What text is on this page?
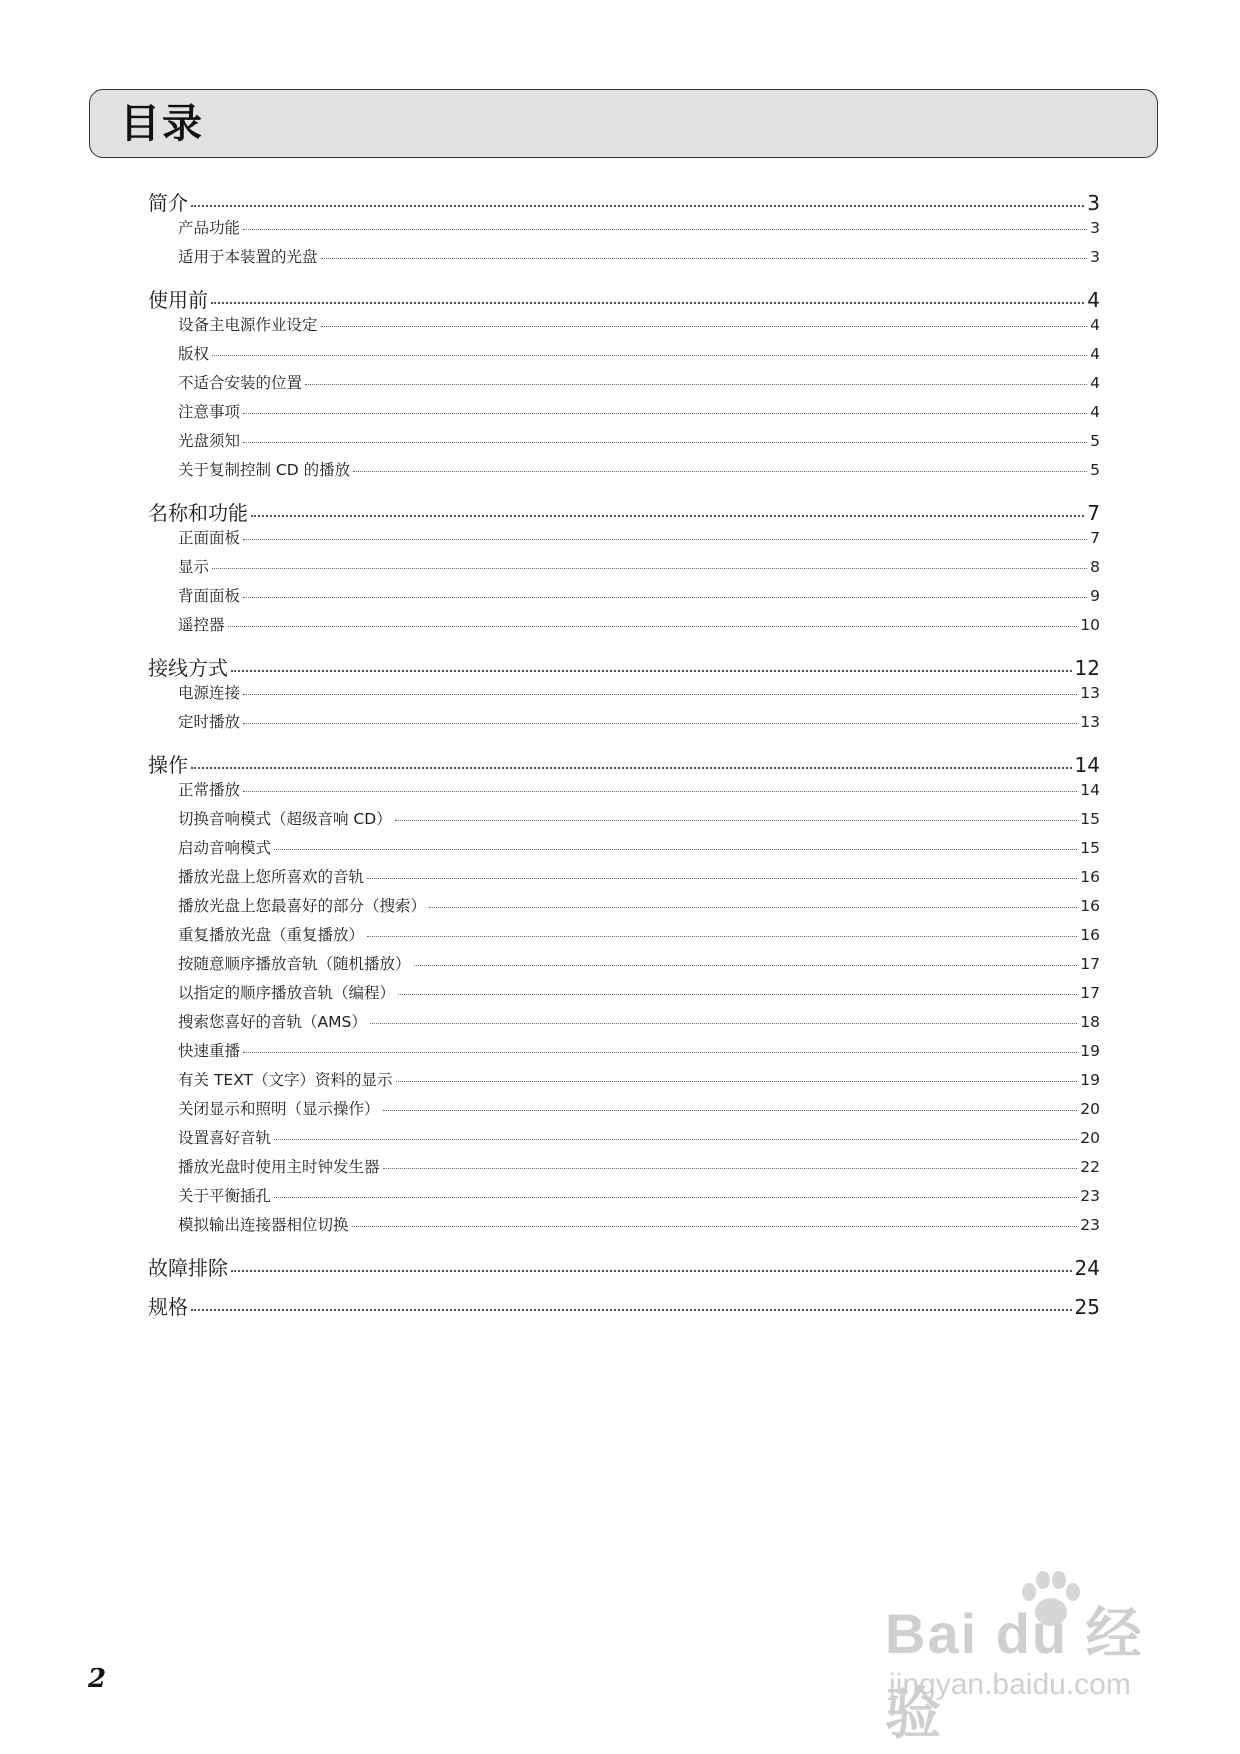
目录
简介	3
产品功能	3
适用于本装置的光盘	3
使用前	4
设备主电源作业设定	4
版权	4
不适合安装的位置	4
注意事项	4
光盘须知	5
关于复制控制 CD 的播放	5
名称和功能	7
正面面板	7
显示	8
背面面板	9
遥控器	10
接线方式	12
电源连接	13
定时播放	13
操作	14
正常播放	14
切换音响模式（超级音响 CD）	15
启动音响模式	15
播放光盘上您所喜欢的音轨	16
播放光盘上您最喜好的部分（搜索）	16
重复播放光盘（重复播放）	16
按随意顺序播放音轨（随机播放）	17
以指定的顺序播放音轨（编程）	17
搜索您喜好的音轨（AMS）	18
快速重播	19
有关 TEXT（文字）资料的显示	19
关闭显示和照明（显示操作）	20
设置喜好音轨	20
播放光盘时使用主时钟发生器	22
关于平衡插孔	23
模拟输出连接器相位切换	23
故障排除	24
规格	25
2
Bai du 经验
jingyan.baidu.com
